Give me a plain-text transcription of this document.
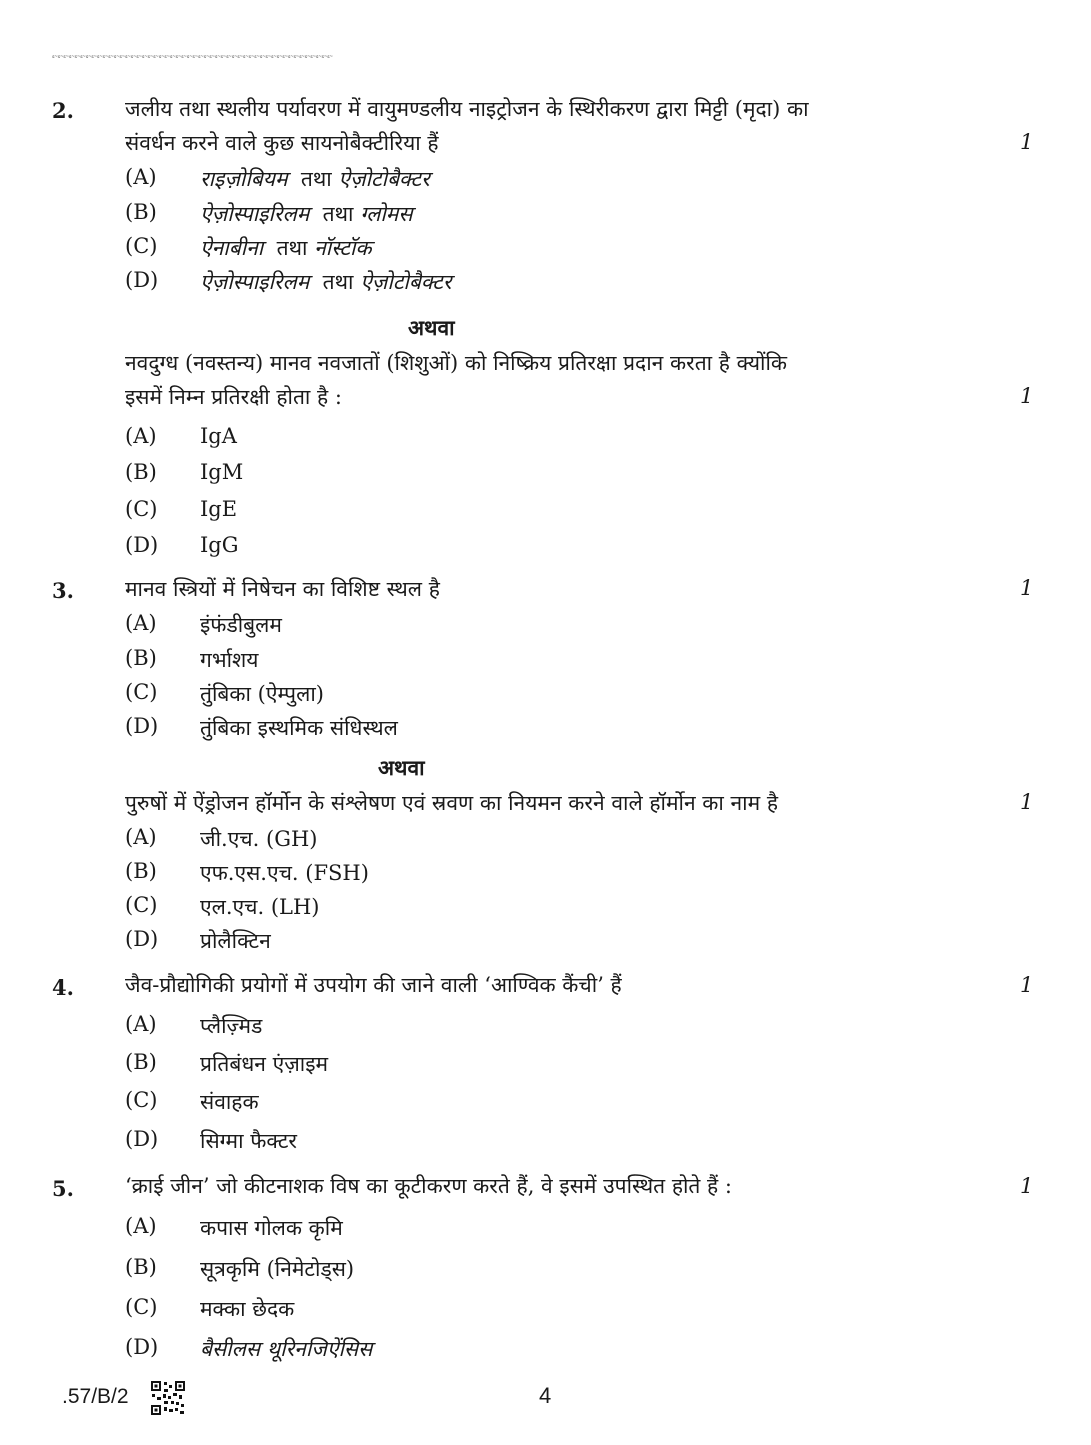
ꜱ~ꜱ~ꜱ~ꜱ~ꜱ~ꜱ~ꜱ~ꜱ~ꜱ~ꜱ~ꜱ~ꜱ~ꜱ~ꜱ~ꜱ~ꜱ~ꜱ~ꜱ~ꜱ~ꜱ~ꜱ~ꜱ~ꜱ~ꜱ~ꜱ~ꜱ~ꜱ~ꜱ~ꜱ~ꜱ~ꜱ~ꜱ~ꜱ~ꜱ~ꜱ~ꜱ~ꜱ~ꜱ~ꜱ~ꜱ~ꜱ~ꜱ~ꜱ~ꜱ~ꜱ~ꜱ~ꜱ~ꜱ~ꜱ~ꜱ~
2. जलीय तथा स्थलीय पर्यावरण में वायुमण्डलीय नाइट्रोजन के स्थिरीकरण द्वारा मिट्टी (मृदा) का
संवर्धन करने वाले कुछ सायनोबैक्टीरिया हैं	1
(A) राइज़ोबियम तथा ऐज़ोटोबैक्टर
(B) ऐज़ोस्पाइरिलम तथा ग्लोमस
(C) ऐनाबीना तथा नॉस्टॉक
(D) ऐज़ोस्पाइरिलम तथा ऐज़ोटोबैक्टर
अथवा
नवदुग्ध (नवस्तन्य) मानव नवजातों (शिशुओं) को निष्क्रिय प्रतिरक्षा प्रदान करता है क्योंकि
इसमें निम्न प्रतिरक्षी होता है :	1
(A) IgA
(B) IgM
(C) IgE
(D) IgG
3. मानव स्त्रियों में निषेचन का विशिष्ट स्थल है	1
(A) इंफंडीबुलम
(B) गर्भाशय
(C) तुंबिका (ऐम्पुला)
(D) तुंबिका इस्थमिक संधिस्थल
अथवा
पुरुषों में ऐंड्रोजन हॉर्मोन के संश्लेषण एवं स्रवण का नियमन करने वाले हॉर्मोन का नाम है	1
(A) जी.एच. (GH)
(B) एफ.एस.एच. (FSH)
(C) एल.एच. (LH)
(D) प्रोलैक्टिन
4. जैव-प्रौद्योगिकी प्रयोगों में उपयोग की जाने वाली ‘आण्विक कैंची’ हैं	1
(A) प्लैज़्मिड
(B) प्रतिबंधन एंज़ाइम
(C) संवाहक
(D) सिग्मा फैक्टर
5. ‘क्राई जीन’ जो कीटनाशक विष का कूटीकरण करते हैं, वे इसमें उपस्थित होते हैं :	1
(A) कपास गोलक कृमि
(B) सूत्रकृमि (निमेटोड्स)
(C) मक्का छेदक
(D) बैसीलस थूरिनजिऐंसिस
.57/B/2	4
